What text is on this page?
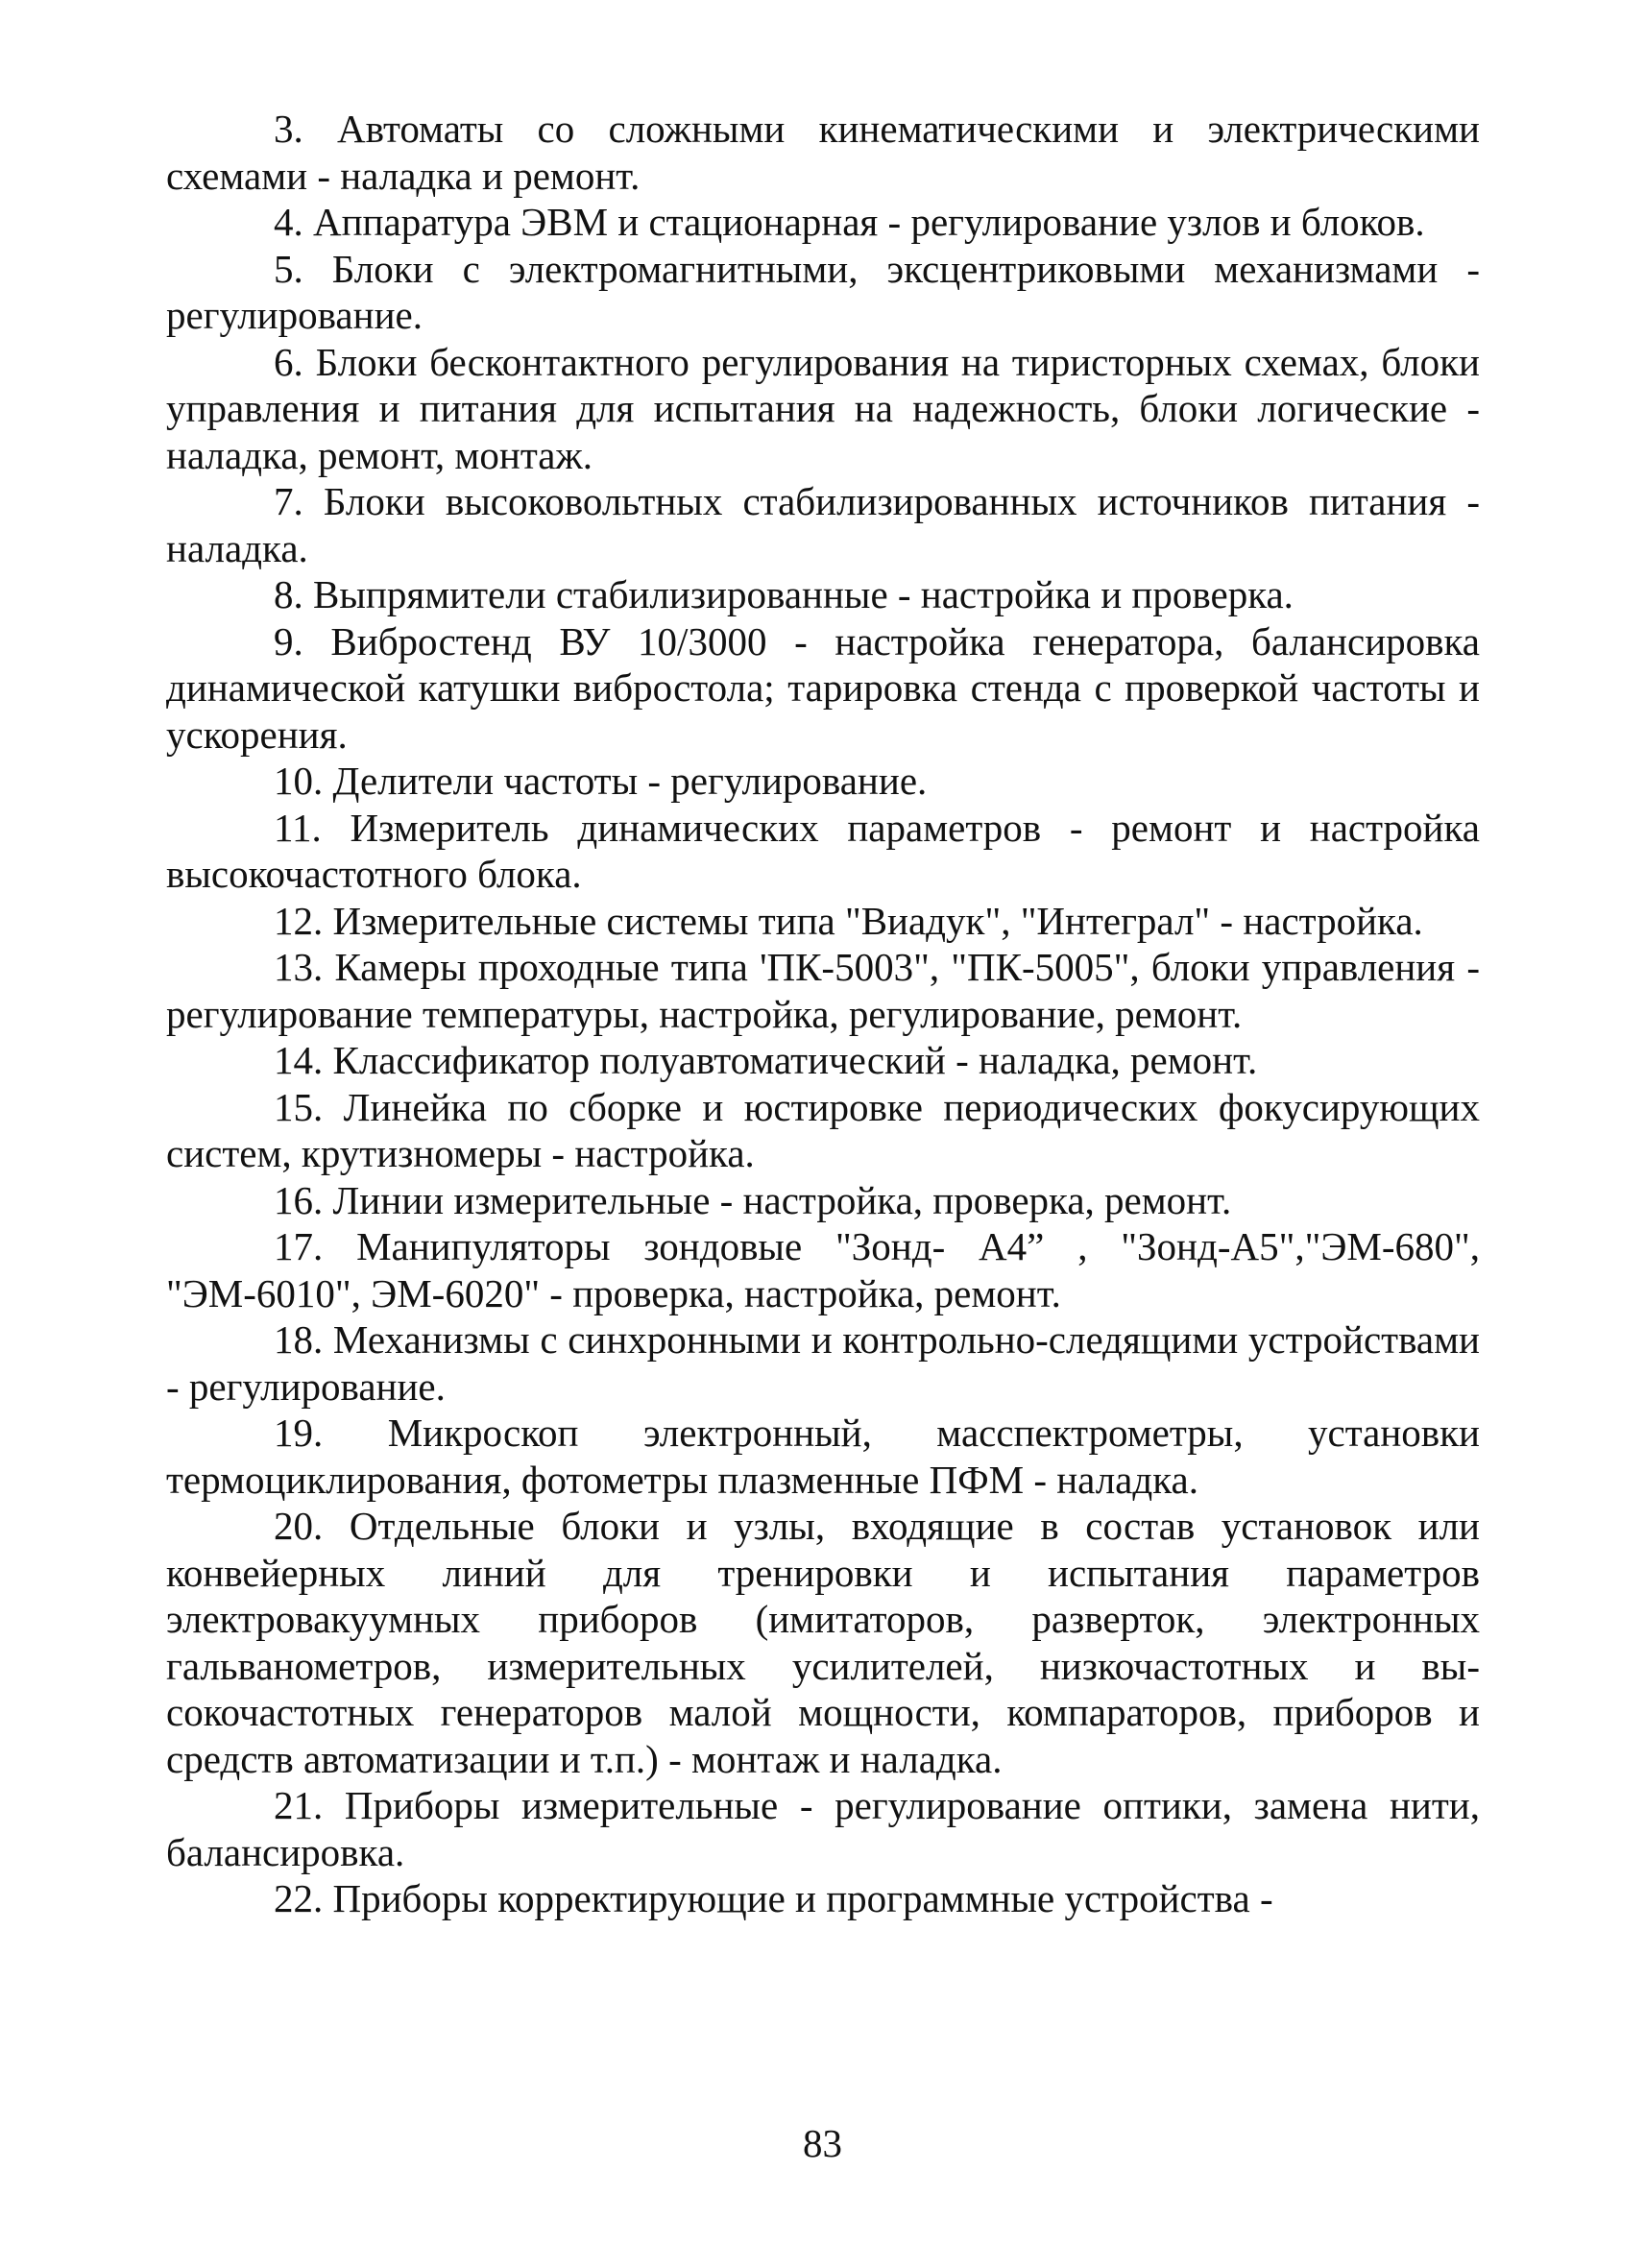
3. Автоматы со сложными кинематическими и электрическими схемами - наладка и ремонт.

4. Аппаратура ЭВМ и стационарная - регулирование узлов и блоков.

5. Блоки с электромагнитными, эксцентриковыми механизмами - регулирование.

6. Блоки бесконтактного регулирования на тиристорных схемах, блоки управления и питания для испытания на надежность, блоки логические - наладка, ремонт, монтаж.

7. Блоки высоковольтных стабилизированных источников питания - наладка.

8. Выпрямители стабилизированные - настройка и проверка.

9. Вибростенд ВУ 10/3000 - настройка генератора, балансировка динамической катушки вибростола; тарировка стенда с проверкой частоты и ускорения.

10. Делители частоты - регулирование.

11. Измеритель динамических параметров - ремонт и настройка высокочастотного блока.

12. Измерительные системы типа "Виадук", "Интеграл" - настройка.

13. Камеры проходные типа 'ПК-5003", "ПК-5005", блоки управления - регулирование температуры, настройка, регулирование, ремонт.

14. Классификатор полуавтоматический - наладка, ремонт.

15. Линейка по сборке и юстировке периодических фокусирующих систем, крутизномеры - настройка.

16. Линии измерительные - настройка, проверка, ремонт.

17. Манипуляторы зондовые "Зонд- А4” , "Зонд-А5","ЭМ-680", "ЭМ-6010", ЭМ-6020" - проверка, настройка, ремонт.

18. Механизмы с синхронными и контрольно-следящими устройствами - регулирование.

19. Микроскоп электронный, масспектрометры, установки термоциклирования, фотометры плазменные ПФМ - наладка.

20. Отдельные блоки и узлы, входящие в состав установок или конвейерных линий для тренировки и испытания параметров электровакуумных приборов (имитаторов, разверток, электронных гальванометров, измерительных усилителей, низкочастотных и высокочастотных генераторов малой мощности, компараторов, приборов и средств автоматизации и т.п.) - монтаж и наладка.

21. Приборы измерительные - регулирование оптики, замена нити, балансировка.

22. Приборы корректирующие и программные устройства -

83
